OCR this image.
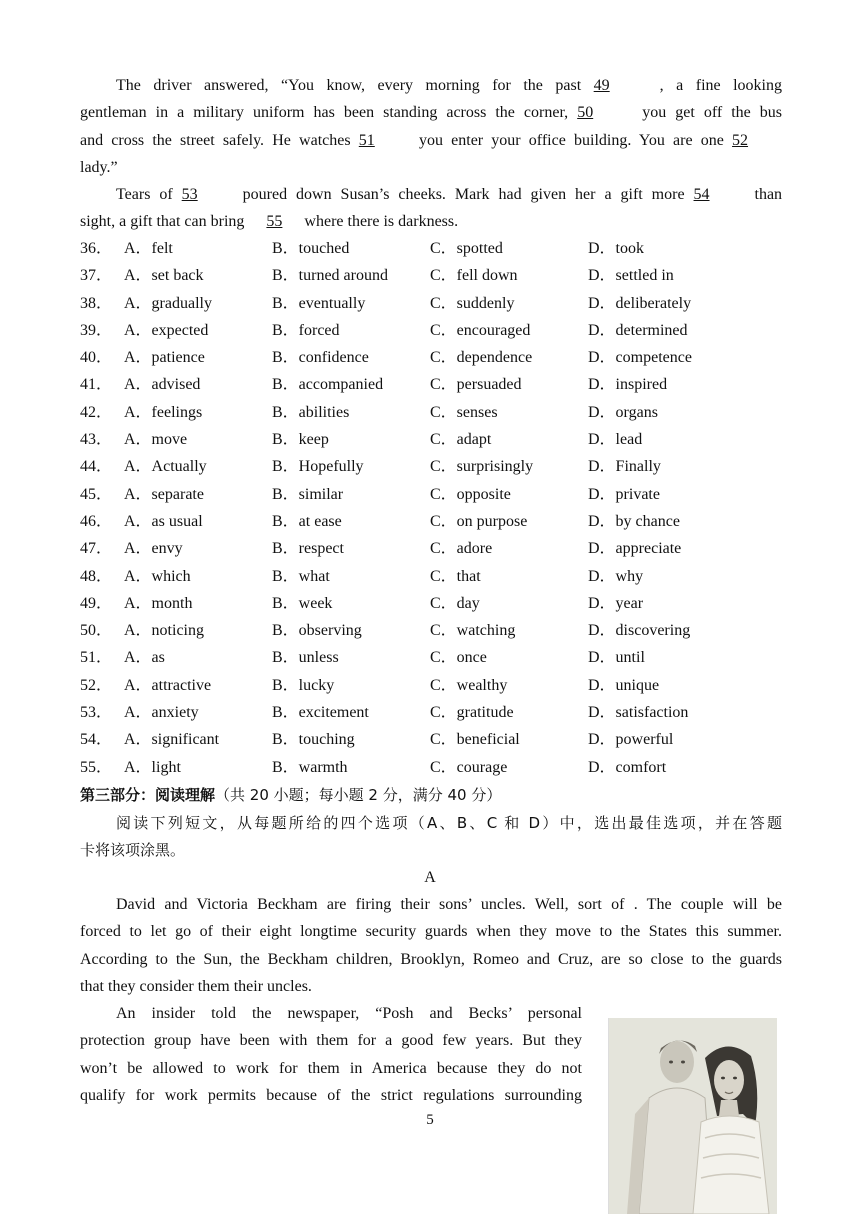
The driver answered, “You know, every morning for the past 49	, a fine looking
gentleman in a military uniform has been standing across the corner, 50	you get off the bus
and cross the street safely. He watches 51	you enter your office building. You are one 52
lady.”
Tears of 53	poured down Susan’s cheeks. Mark had given her a gift more 54	than
sight, a gift that can bring 55 where there is darkness.
36． A．felt	B．touched	C．spotted	D．took
37． A．set back	B．turned around	C．fell down	D．settled in
38． A．gradually	B．eventually	C．suddenly	D．deliberately
39． A．expected	B．forced	C．encouraged	D．determined
40． A．patience	B．confidence	C．dependence	D．competence
41． A．advised	B．accompanied	C．persuaded	D．inspired
42． A．feelings	B．abilities	C．senses	D．organs
43． A．move	B．keep	C．adapt	D．lead
44． A．Actually	B．Hopefully	C．surprisingly	D．Finally
45． A．separate	B．similar	C．opposite	D．private
46． A．as usual	B．at ease	C．on purpose	D．by chance
47． A．envy	B．respect	C．adore	D．appreciate
48． A．which	B．what	C．that	D．why
49． A．month	B．week	C．day	D．year
50． A．noticing	B．observing	C．watching	D．discovering
51． A．as	B．unless	C．once	D．until
52． A．attractive	B．lucky	C．wealthy	D．unique
53． A．anxiety	B．excitement	C．gratitude	D．satisfaction
54． A．significant	B．touching	C．beneficial	D．powerful
55． A．light	B．warmth	C．courage	D．comfort
第三部分：阅读理解（共 20 小题；每小题 2 分，满分 40 分）
阅读下列短文，从每题所给的四个选项（A、B、C 和 D）中，选出最佳选项，并在答题
卡将该项涂黑。
A
David and Victoria Beckham are firing their sons’ uncles. Well, sort of . The couple will be
forced to let go of their eight longtime security guards when they move to the States this summer.
According to the Sun, the Beckham children, Brooklyn, Romeo and Cruz, are so close to the guards
that they consider them their uncles.
An insider told the newspaper, “Posh and Becks’ personal
protection group have been with them for a good few years. But they
won’t be allowed to work for them in America because they do not
qualify for work permits because of the strict regulations surrounding
5
